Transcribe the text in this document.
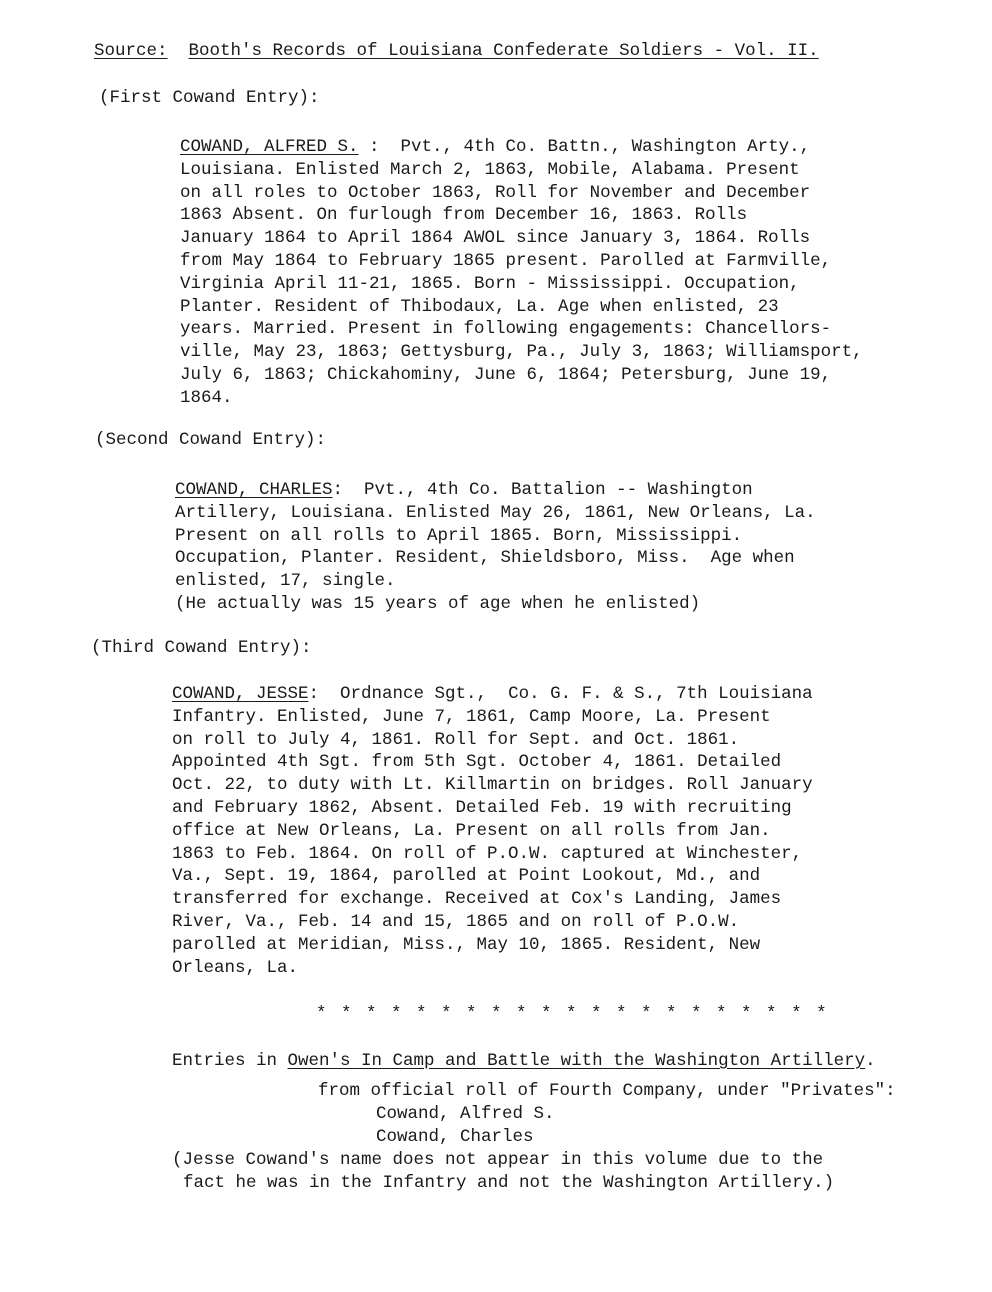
Source: Booth's Records of Louisiana Confederate Soldiers - Vol. II.
(First Cowand Entry):
COWAND, ALFRED S. :  Pvt., 4th Co. Battn., Washington Arty.,
Louisiana. Enlisted March 2, 1863, Mobile, Alabama. Present
on all roles to October 1863, Roll for November and December
1863 Absent. On furlough from December 16, 1863. Rolls
January 1864 to April 1864 AWOL since January 3, 1864. Rolls
from May 1864 to February 1865 present. Parolled at Farmville,
Virginia April 11-21, 1865. Born - Mississippi. Occupation,
Planter. Resident of Thibodaux, La. Age when enlisted, 23
years. Married. Present in following engagements: Chancellors-
ville, May 23, 1863; Gettysburg, Pa., July 3, 1863; Williamsport,
July 6, 1863; Chickahominy, June 6, 1864; Petersburg, June 19,
1864.
(Second Cowand Entry):
COWAND, CHARLES:  Pvt., 4th Co. Battalion -- Washington
Artillery, Louisiana. Enlisted May 26, 1861, New Orleans, La.
Present on all rolls to April 1865. Born, Mississippi.
Occupation, Planter. Resident, Shieldsboro, Miss.  Age when
enlisted, 17, single.
(He actually was 15 years of age when he enlisted)
(Third Cowand Entry):
COWAND, JESSE:  Ordnance Sgt.,  Co. G. F. & S., 7th Louisiana
Infantry. Enlisted, June 7, 1861, Camp Moore, La. Present
on roll to July 4, 1861. Roll for Sept. and Oct. 1861.
Appointed 4th Sgt. from 5th Sgt. October 4, 1861. Detailed
Oct. 22, to duty with Lt. Killmartin on bridges. Roll January
and February 1862, Absent. Detailed Feb. 19 with recruiting
office at New Orleans, La. Present on all rolls from Jan.
1863 to Feb. 1864. On roll of P.O.W. captured at Winchester,
Va., Sept. 19, 1864, parolled at Point Lookout, Md., and
transferred for exchange. Received at Cox's Landing, James
River, Va., Feb. 14 and 15, 1865 and on roll of P.O.W.
parolled at Meridian, Miss., May 10, 1865. Resident, New
Orleans, La.
* * * * * * * * * * * * * * * * * * * * *
Entries in Owen's In Camp and Battle with the Washington Artillery.
from official roll of Fourth Company, under "Privates":
Cowand, Alfred S.
Cowand, Charles
(Jesse Cowand's name does not appear in this volume due to the
fact he was in the Infantry and not the Washington Artillery.)
